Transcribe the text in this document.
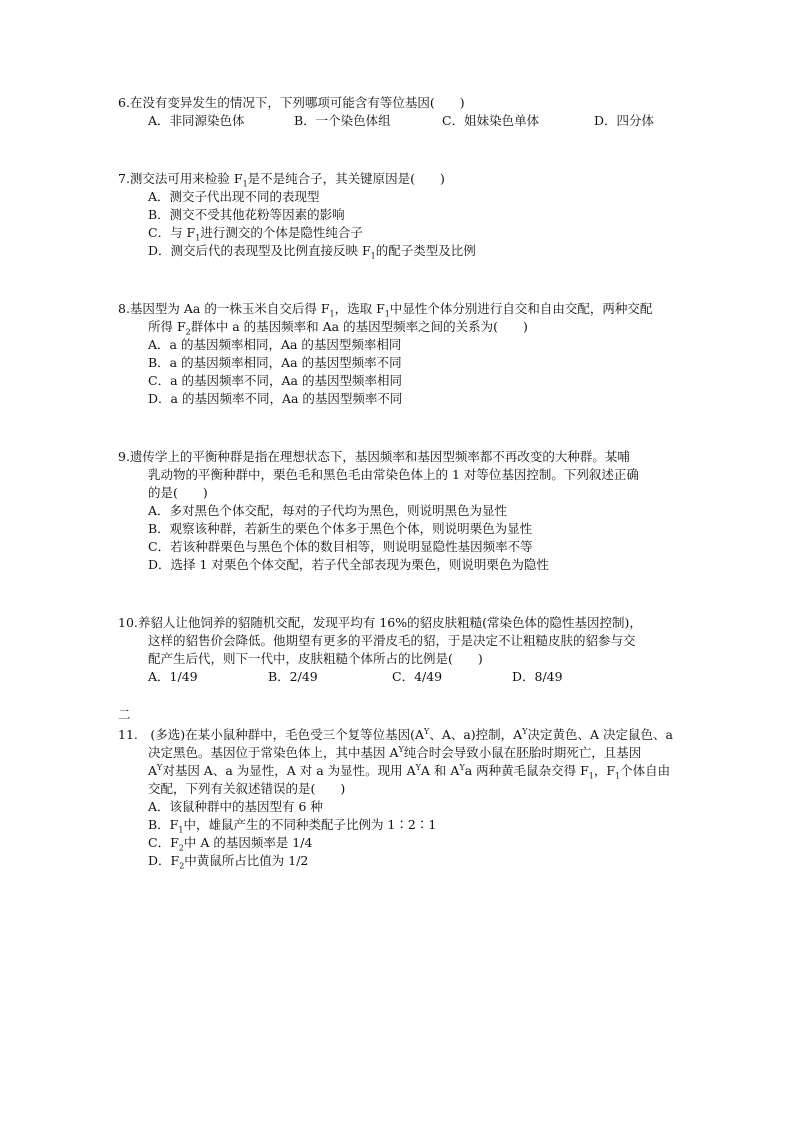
6.在没有变异发生的情况下，下列哪项可能含有等位基因(　　)
A．非同源染色体	B．一个染色体组	C．姐妹染色单体	D．四分体
7.测交法可用来检验 $F_1$是不是纯合子，其关键原因是(　　)
A．测交子代出现不同的表现型
B．测交不受其他花粉等因素的影响
C．与 $F_1$进行测交的个体是隐性纯合子
D．测交后代的表现型及比例直接反映 $F_1$的配子类型及比例
8.基因型为 Aa 的一株玉米自交后得 $F_1$，选取 $F_1$中显性个体分别进行自交和自由交配，两种交配
所得 $F_2$群体中 a 的基因频率和 Aa 的基因型频率之间的关系为(　　)
A．a 的基因频率相同，Aa 的基因型频率相同
B．a 的基因频率相同，Aa 的基因型频率不同
C．a 的基因频率不同，Aa 的基因型频率相同
D．a 的基因频率不同，Aa 的基因型频率不同
9.遗传学上的平衡种群是指在理想状态下，基因频率和基因型频率都不再改变的大种群。某哺
乳动物的平衡种群中，栗色毛和黑色毛由常染色体上的 1 对等位基因控制。下列叙述正确
的是(　　)
A．多对黑色个体交配，每对的子代均为黑色，则说明黑色为显性
B．观察该种群，若新生的栗色个体多于黑色个体，则说明栗色为显性
C．若该种群栗色与黑色个体的数目相等，则说明显隐性基因频率不等
D．选择 1 对栗色个体交配，若子代全部表现为栗色，则说明栗色为隐性
10.养貂人让他饲养的貂随机交配，发现平均有 16%的貂皮肤粗糙(常染色体的隐性基因控制)，
这样的貂售价会降低。他期望有更多的平滑皮毛的貂，于是决定不让粗糙皮肤的貂参与交
配产生后代，则下一代中，皮肤粗糙个体所占的比例是(　　)
A．1/49	B．2/49	C．4/49	D．8/49
二
11.　(多选)在某小鼠种群中，毛色受三个复等位基因($A^Y$、A、a)控制，$A^Y$决定黄色、A 决定鼠色、a
决定黑色。基因位于常染色体上，其中基因 $A^Y$纯合时会导致小鼠在胚胎时期死亡，且基因
$A^Y$对基因 A、a 为显性，A 对 a 为显性。现用 $A^YA$ 和 $A^Ya$ 两种黄毛鼠杂交得 $F_1$，$F_1$个体自由
交配，下列有关叙述错误的是(　　)
A．该鼠种群中的基因型有 6 种
B．$F_1$中，雄鼠产生的不同种类配子比例为 1∶2∶1
C．$F_2$中 A 的基因频率是 1/4
D．$F_2$中黄鼠所占比值为 1/2
